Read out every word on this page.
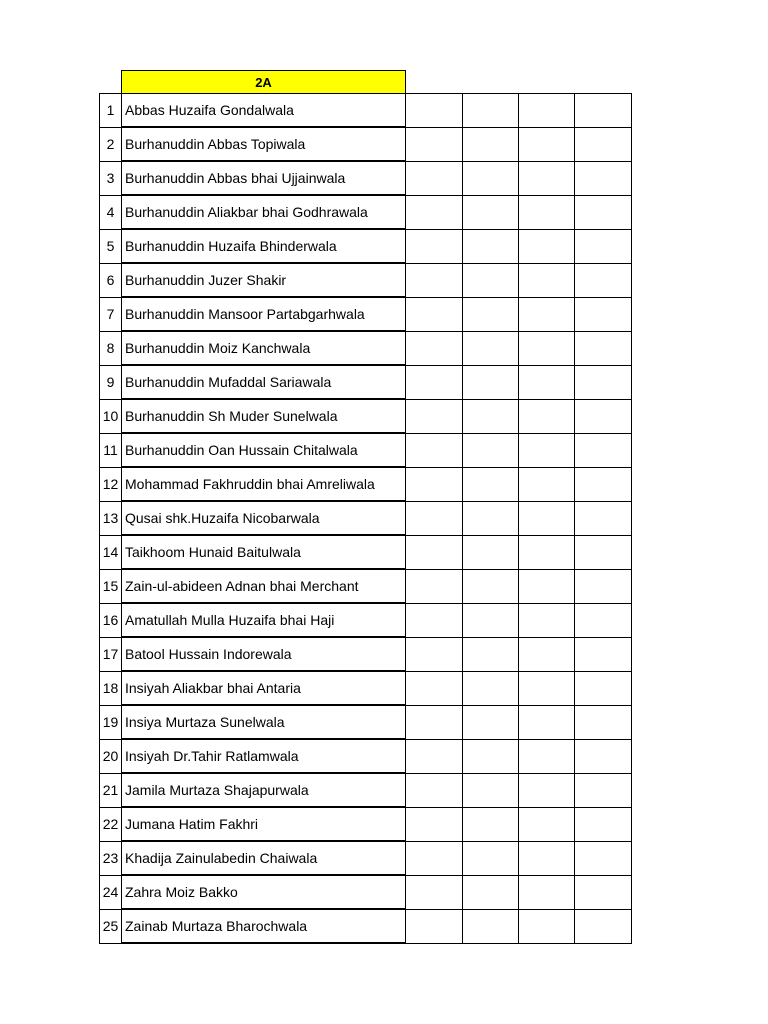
	2A				
1	Abbas Huzaifa Gondalwala				
2	Burhanuddin Abbas Topiwala				
3	Burhanuddin Abbas bhai Ujjainwala				
4	Burhanuddin Aliakbar bhai Godhrawala				
5	Burhanuddin Huzaifa Bhinderwala				
6	Burhanuddin Juzer Shakir				
7	Burhanuddin Mansoor Partabgarhwala				
8	Burhanuddin Moiz Kanchwala				
9	Burhanuddin Mufaddal Sariawala				
10	Burhanuddin Sh Muder Sunelwala				
11	Burhanuddin Oan Hussain Chitalwala				
12	Mohammad Fakhruddin bhai Amreliwala				
13	Qusai shk.Huzaifa Nicobarwala				
14	Taikhoom Hunaid Baitulwala				
15	Zain-ul-abideen Adnan bhai Merchant				
16	Amatullah Mulla Huzaifa bhai Haji				
17	Batool Hussain Indorewala				
18	Insiyah Aliakbar bhai Antaria				
19	Insiya Murtaza Sunelwala				
20	Insiyah Dr.Tahir Ratlamwala				
21	Jamila Murtaza Shajapurwala				
22	Jumana Hatim Fakhri				
23	Khadija Zainulabedin Chaiwala				
24	Zahra Moiz Bakko				
25	Zainab Murtaza Bharochwala				
